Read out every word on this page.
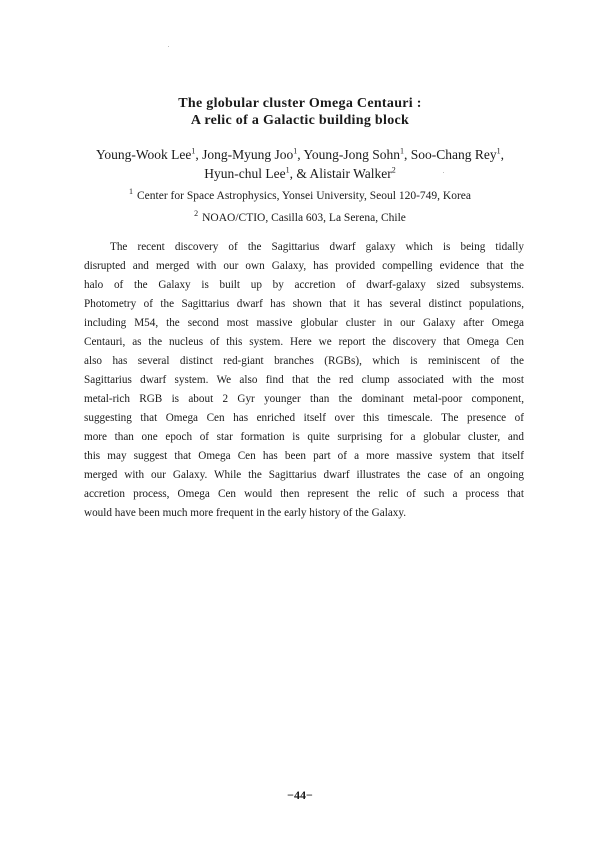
The globular cluster Omega Centauri :
A relic of a Galactic building block
Young-Wook Lee$^1$, Jong-Myung Joo$^1$, Young-Jong Sohn$^1$, Soo-Chang Rey$^1$,
Hyun-chul Lee$^1$, & Alistair Walker$^2$
$^1$ Center for Space Astrophysics, Yonsei University, Seoul 120-749, Korea
$^2$ NOAO/CTIO, Casilla 603, La Serena, Chile
The recent discovery of the Sagittarius dwarf galaxy which is being tidally
disrupted and merged with our own Galaxy, has provided compelling evidence that the
halo of the Galaxy is built up by accretion of dwarf-galaxy sized subsystems.
Photometry of the Sagittarius dwarf has shown that it has several distinct populations,
including M54, the second most massive globular cluster in our Galaxy after Omega
Centauri, as the nucleus of this system. Here we report the discovery that Omega Cen
also has several distinct red-giant branches (RGBs), which is reminiscent of the
Sagittarius dwarf system. We also find that the red clump associated with the most
metal-rich RGB is about 2 Gyr younger than the dominant metal-poor component,
suggesting that Omega Cen has enriched itself over this timescale. The presence of
more than one epoch of star formation is quite surprising for a globular cluster, and
this may suggest that Omega Cen has been part of a more massive system that itself
merged with our Galaxy. While the Sagittarius dwarf illustrates the case of an ongoing
accretion process, Omega Cen would then represent the relic of such a process that
would have been much more frequent in the early history of the Galaxy.
−44−
